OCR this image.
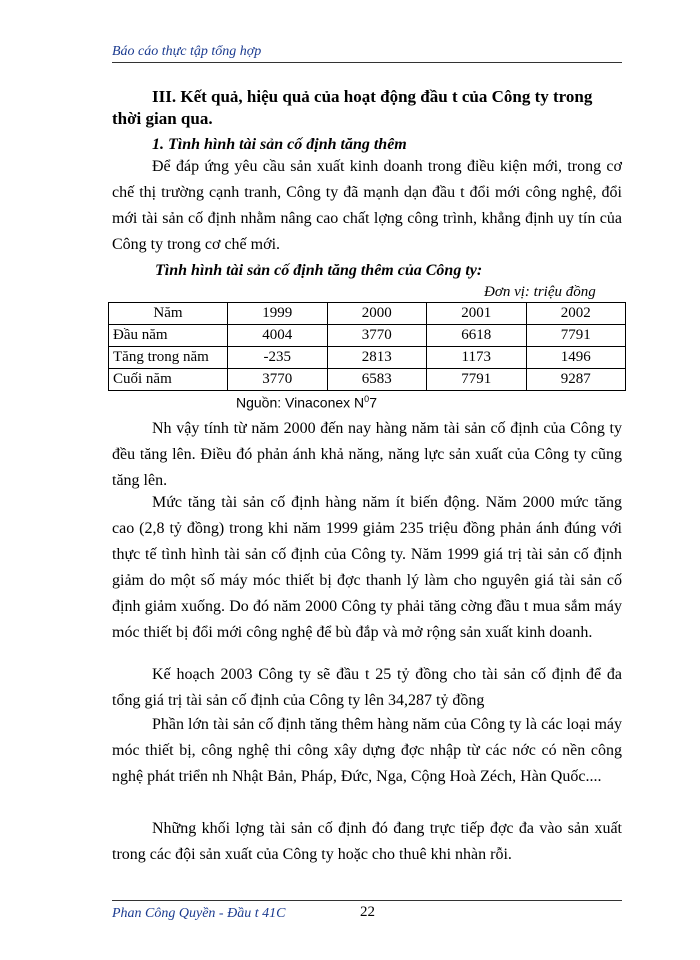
Báo cáo thực tập tổng hợp
III. Kết quả, hiệu quả của hoạt động đầu t của Công ty trong thời gian qua.
1. Tình hình tài sản cố định tăng thêm
Để đáp ứng yêu cầu sản xuất kinh doanh trong điều kiện mới, trong cơ chế thị trường cạnh tranh, Công ty đã mạnh dạn đầu t đổi mới công nghệ, đổi mới tài sản cố định nhằm nâng cao chất lợng công trình, khẳng định uy tín của Công ty trong cơ chế mới.
Tình hình tài sản cố định tăng thêm của Công ty:
Đơn vị: triệu đồng
Năm	1999	2000	2001	2002
Đầu năm	4004	3770	6618	7791
Tăng trong năm	-235	2813	1173	1496
Cuối năm	3770	6583	7791	9287
Nguồn: Vinaconex $N^07$
Nh vậy tính từ năm 2000 đến nay hàng năm tài sản cố định của Công ty đều tăng lên. Điều đó phản ánh khả năng, năng lực sản xuất của Công ty cũng tăng lên.
Mức tăng tài sản cố định hàng năm ít biến động. Năm 2000 mức tăng cao (2,8 tỷ đồng) trong khi năm 1999 giảm 235 triệu đồng phản ánh đúng với thực tế tình hình tài sản cố định của Công ty. Năm 1999 giá trị tài sản cố định giảm do một số máy móc thiết bị đợc thanh lý làm cho nguyên giá tài sản cố định giảm xuống. Do đó năm 2000 Công ty phải tăng cờng đầu t mua sắm máy móc thiết bị đổi mới công nghệ để bù đắp và mở rộng sản xuất kinh doanh.
Kế hoạch 2003 Công ty sẽ đầu t 25 tỷ đồng cho tài sản cố định để đa tổng giá trị tài sản cố định của Công ty lên 34,287 tỷ đồng
Phần lớn tài sản cố định tăng thêm hàng năm của Công ty là các loại máy móc thiết bị, công nghệ thi công xây dựng đợc nhập từ các nớc có nền công nghệ phát triển nh Nhật Bản, Pháp, Đức, Nga, Cộng Hoà Zéch, Hàn Quốc....
Những khối lợng tài sản cố định đó đang trực tiếp đợc đa vào sản xuất trong các đội sản xuất của Công ty hoặc cho thuê khi nhàn rỗi.
Phan Công Quyền - Đầu t 41C	22
